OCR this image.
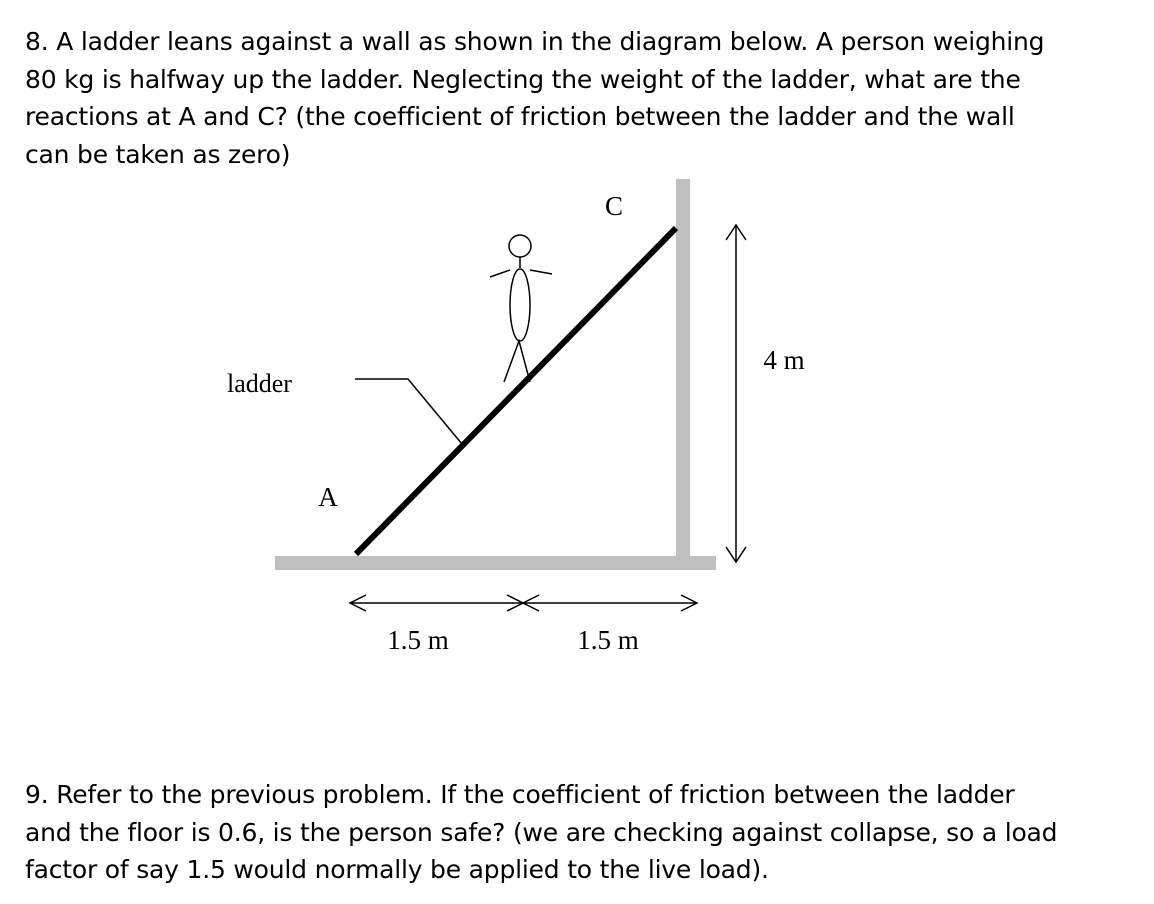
8. A ladder leans against a wall as shown in the diagram below. A person weighing
80 kg is halfway up the ladder. Neglecting the weight of the ladder, what are the
reactions at A and C? (the coefficient of friction between the ladder and the wall
can be taken as zero)

C
A
ladder
4 m
1.5 m	1.5 m

9. Refer to the previous problem. If the coefficient of friction between the ladder
and the floor is 0.6, is the person safe? (we are checking against collapse, so a load
factor of say 1.5 would normally be applied to the live load).
